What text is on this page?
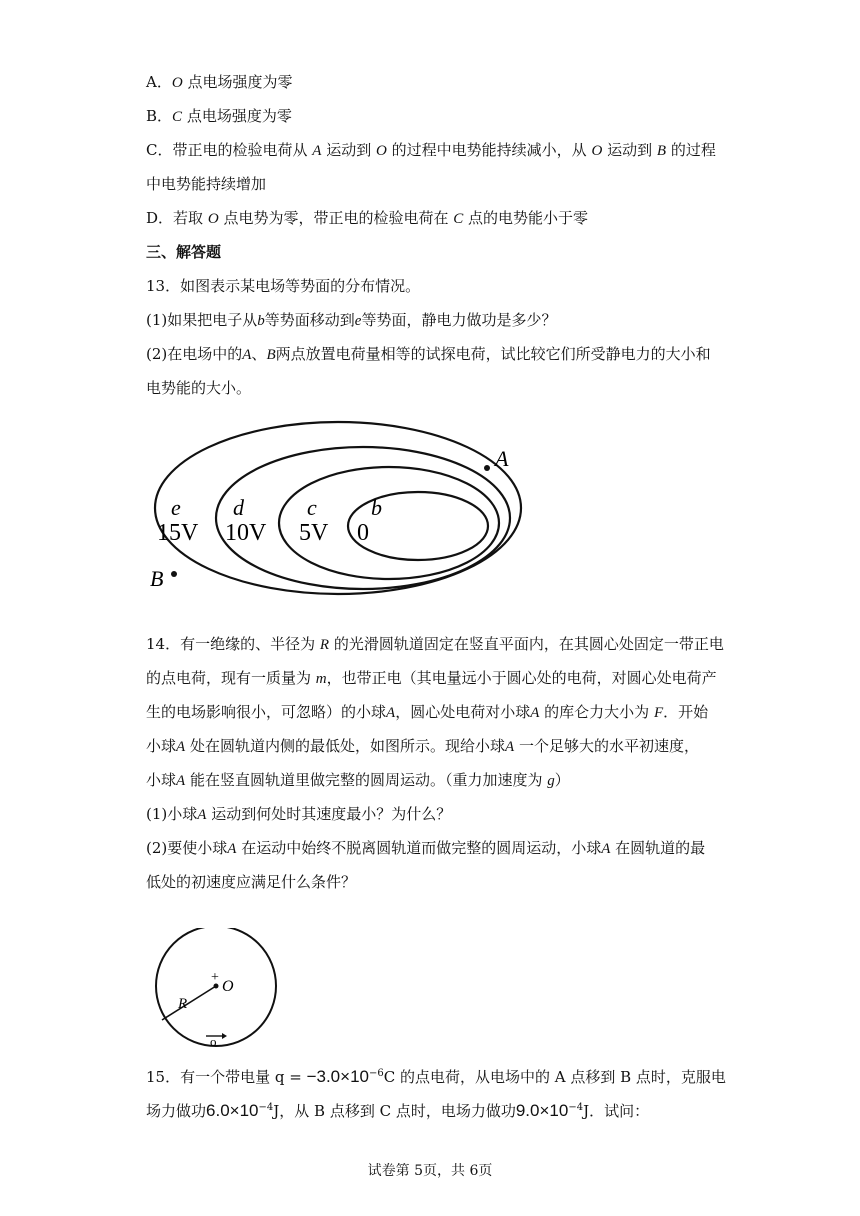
A．O 点电场强度为零
B．C 点电场强度为零
C．带正电的检验电荷从 A 运动到 O 的过程中电势能持续减小，从 O 运动到 B 的过程
中电势能持续增加
D．若取 O 点电势为零，带正电的检验电荷在 C 点的电势能小于零
三、解答题
13．如图表示某电场等势面的分布情况。
(1)如果把电子从b等势面移动到e等势面，静电力做功是多少？
(2)在电场中的A、B两点放置电荷量相等的试探电荷，试比较它们所受静电力的大小和
电势能的大小。
A
B
e
15V
d
10V
c
5V
b
0
14．有一绝缘的、半径为 R 的光滑圆轨道固定在竖直平面内，在其圆心处固定一带正电
的点电荷，现有一质量为 m，也带正电（其电量远小于圆心处的电荷，对圆心处电荷产
生的电场影响很小，可忽略）的小球A，圆心处电荷对小球A 的库仑力大小为 F．开始
小球A 处在圆轨道内侧的最低处，如图所示。现给小球A 一个足够大的水平初速度，
小球A 能在竖直圆轨道里做完整的圆周运动。（重力加速度为 g）
(1)小球A 运动到何处时其速度最小？为什么？
(2)要使小球A 在运动中始终不脱离圆轨道而做完整的圆周运动，小球A 在圆轨道的最
低处的初速度应满足什么条件？
+
O
R
o
15．有一个带电量 $q = -3.0\times 10^{-6}C$ 的点电荷，从电场中的 A 点移到 B 点时，克服电
场力做功$6.0\times 10^{-4}J$，从 B 点移到 C 点时，电场力做功$9.0\times 10^{-4}J$．试问：
试卷第 5页，共 6页
